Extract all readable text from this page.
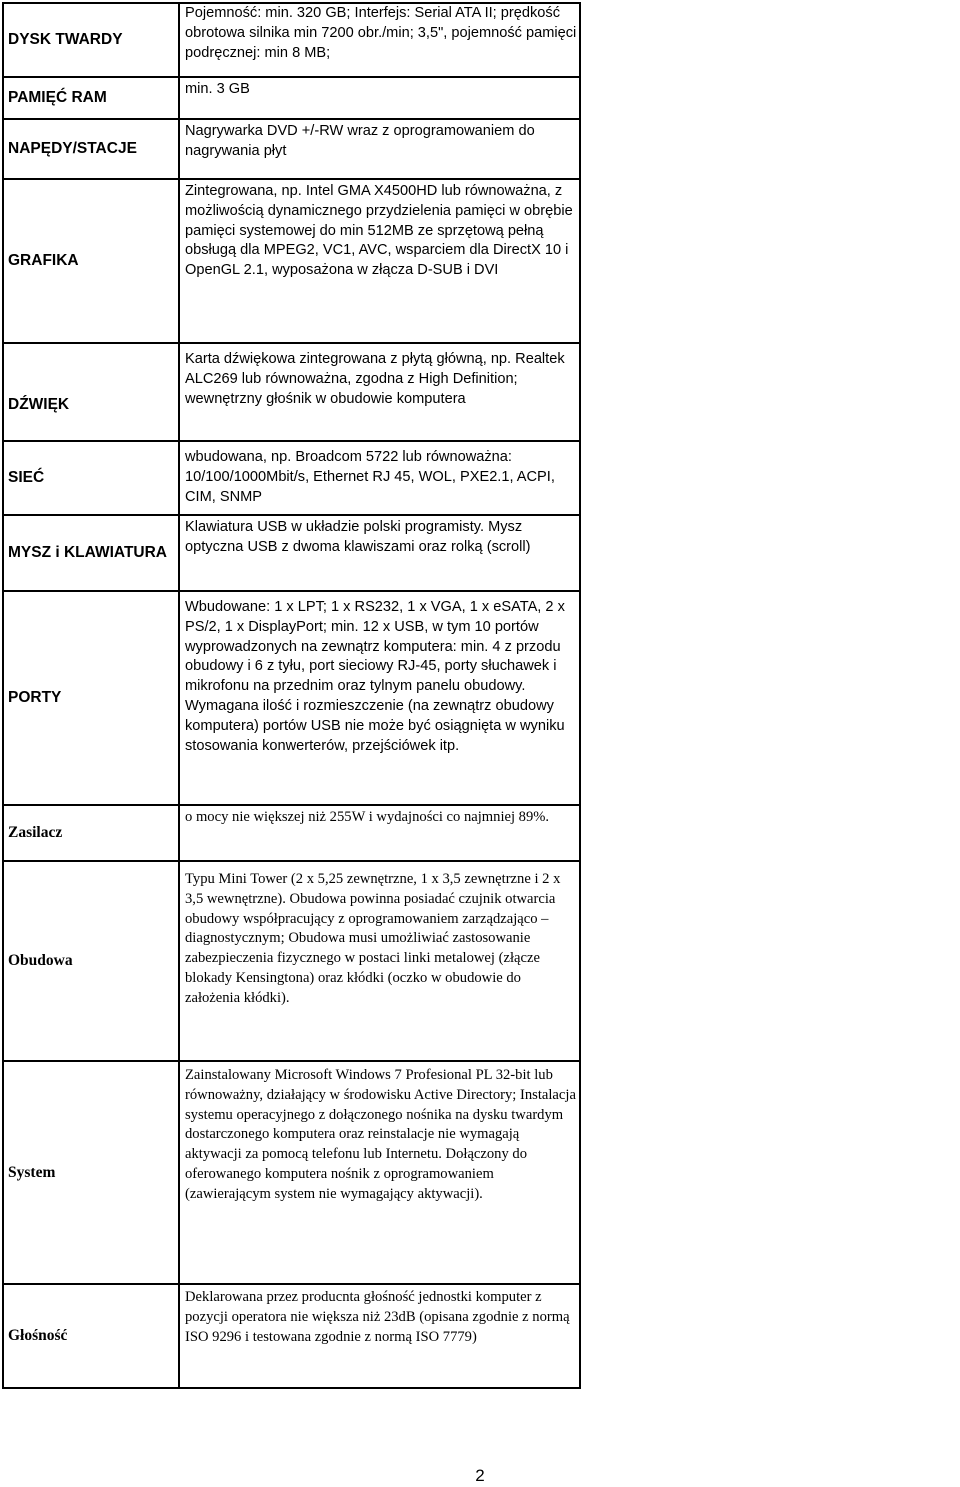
DYSK TWARDY	Pojemność: min. 320 GB; Interfejs: Serial ATA II; prędkość obrotowa silnika min 7200 obr./min; 3,5", pojemność pamięci podręcznej: min 8 MB;	

PAMIĘĆ RAM	min. 3 GB	

NAPĘDY/STACJE	Nagrywarka DVD +/-RW wraz z oprogramowaniem do nagrywania płyt	

GRAFIKA	Zintegrowana, np. Intel GMA X4500HD lub równoważna, z możliwością dynamicznego przydzielenia pamięci w obrębie pamięci systemowej do min 512MB ze sprzętową pełną obsługą dla MPEG2, VC1, AVC, wsparciem dla DirectX 10 i OpenGL 2.1, wyposażona w złącza D-SUB i DVI	

DŹWIĘK	Karta dźwiękowa zintegrowana z płytą główną, np. Realtek ALC269 lub równoważna, zgodna z High Definition; wewnętrzny głośnik w obudowie komputera	

SIEĆ	wbudowana, np. Broadcom 5722 lub równoważna: 10/100/1000Mbit/s, Ethernet RJ 45, WOL, PXE2.1, ACPI, CIM, SNMP	

MYSZ i KLAWIATURA	Klawiatura USB w układzie polski programisty. Mysz optyczna USB z dwoma klawiszami oraz rolką (scroll)	

PORTY	Wbudowane: 1 x LPT; 1 x RS232, 1 x VGA, 1 x eSATA, 2 x PS/2, 1 x DisplayPort; min. 12 x USB, w tym 10 portów wyprowadzonych na zewnątrz komputera: min. 4 z przodu obudowy i 6 z tyłu, port sieciowy RJ-45, porty słuchawek i mikrofonu na przednim oraz tylnym panelu obudowy. Wymagana ilość i rozmieszczenie (na zewnątrz obudowy komputera) portów USB nie może być osiągnięta w wyniku stosowania konwerterów, przejściówek itp.	

Zasilacz	o mocy nie większej niż 255W i wydajności co najmniej 89%.	

Obudowa	Typu Mini Tower (2 x 5,25 zewnętrzne, 1 x 3,5 zewnętrzne i 2 x 3,5 wewnętrzne). Obudowa powinna posiadać czujnik otwarcia obudowy współpracujący z oprogramowaniem zarządzająco – diagnostycznym; Obudowa musi umożliwiać zastosowanie zabezpieczenia fizycznego w postaci linki metalowej (złącze blokady Kensingtona) oraz kłódki (oczko w obudowie do założenia kłódki).	

System	Zainstalowany Microsoft Windows 7 Profesional PL 32-bit lub równoważny, działający w środowisku Active Directory; Instalacja systemu operacyjnego z dołączonego nośnika na dysku twardym dostarczonego komputera oraz reinstalacje nie wymagają aktywacji za pomocą telefonu lub Internetu. Dołączony do oferowanego komputera nośnik z oprogramowaniem (zawierającym system nie wymagający aktywacji).	

Głośność	Deklarowana przez producnta głośność jednostki komputer z pozycji operatora nie większa niż 23dB (opisana zgodnie z normą ISO 9296 i testowana zgodnie z normą ISO 7779)	

2
